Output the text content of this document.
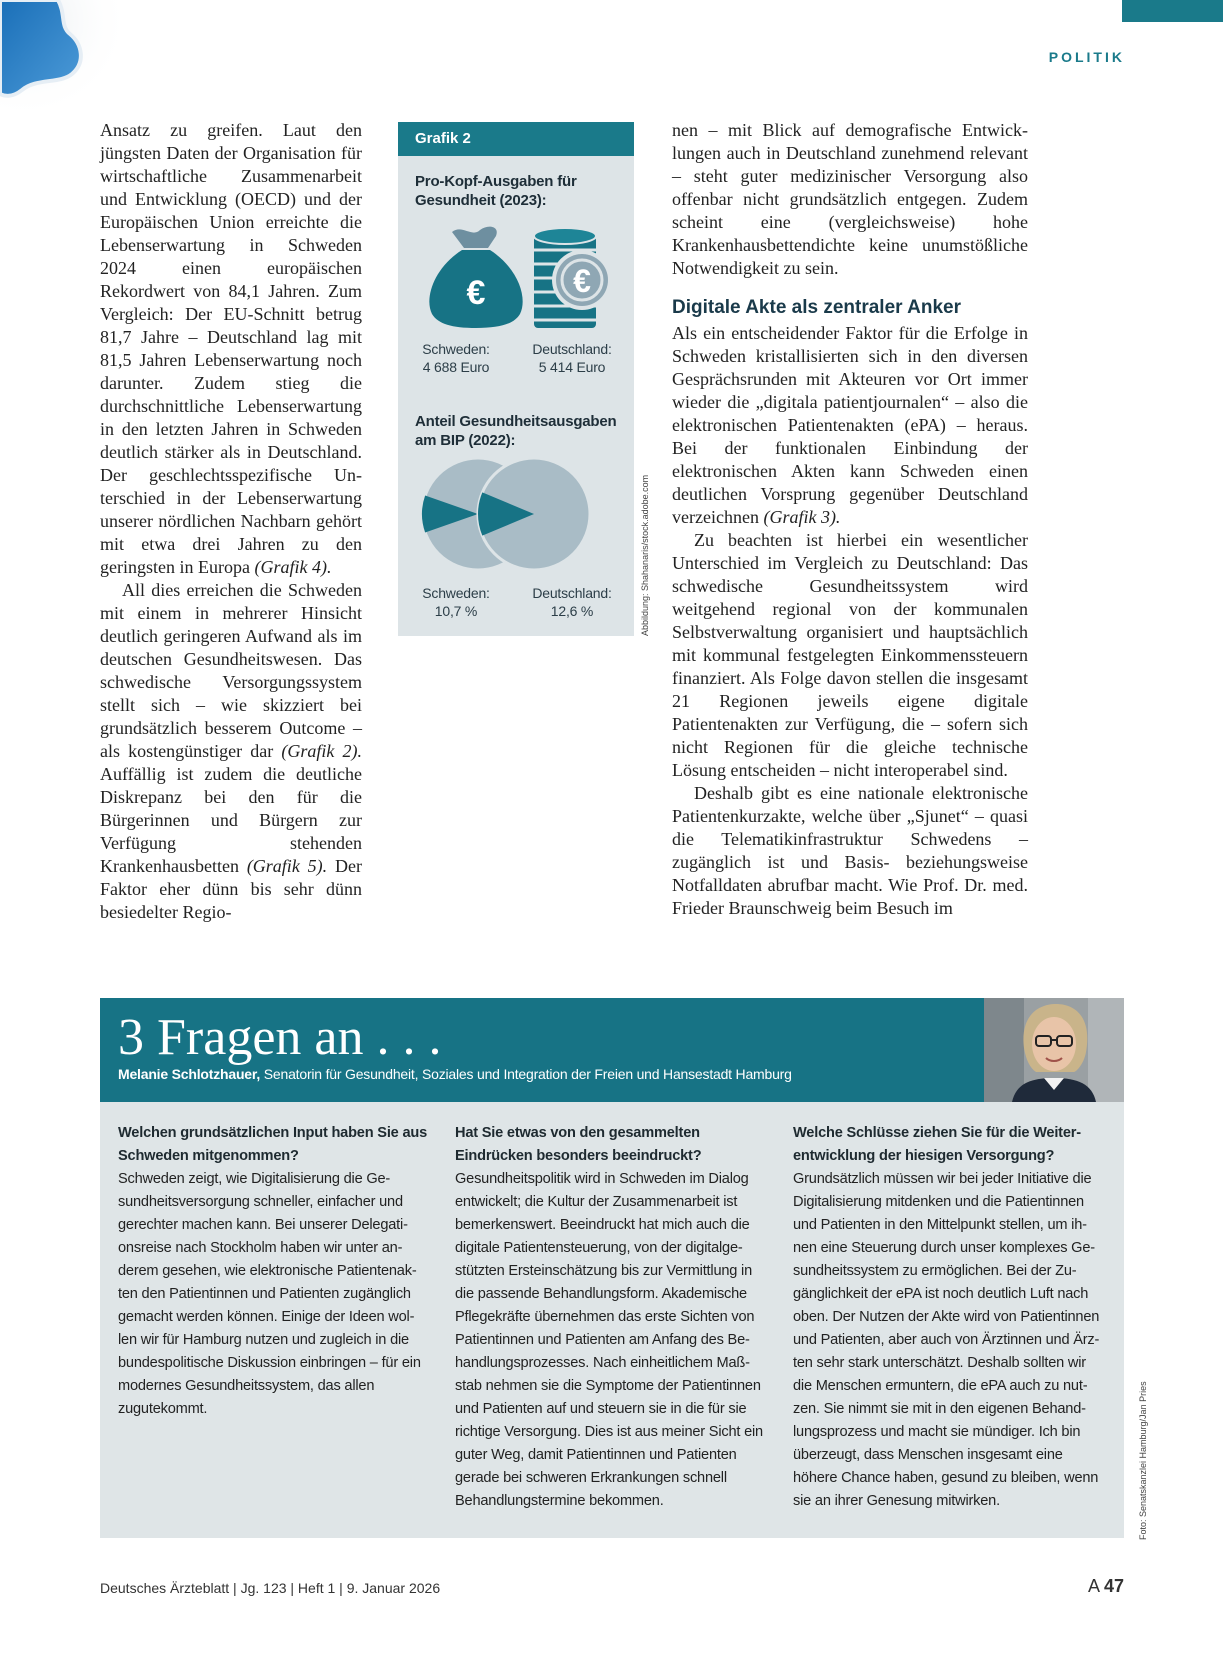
POLITIK

Ansatz zu greifen. Laut den jüngsten Daten der Organisation für wirtschaftliche Zusammenarbeit und Entwicklung (OECD) und der Europäischen Union erreichte die Lebenserwartung in Schweden 2024 einen europäischen Rekordwert von 84,1 Jahren. Zum Vergleich: Der EU-Schnitt betrug 81,7 Jahre – Deutschland lag mit 81,5 Jahren Lebenserwartung noch darunter. Zudem stieg die durchschnittliche Lebenserwartung in den letzten Jahren in Schweden deutlich stärker als in Deutschland. Der geschlechtsspezifische Unterschied in der Lebenserwartung unserer nördlichen Nachbarn gehört mit etwa drei Jahren zu den geringsten in Europa (Grafik 4).

All dies erreichen die Schweden mit einem in mehrerer Hinsicht deutlich geringeren Aufwand als im deutschen Gesundheitswesen. Das schwedische Versorgungssystem stellt sich – wie skizziert bei grundsätzlich besserem Outcome – als kostengünstiger dar (Grafik 2). Auffällig ist zudem die deutliche Diskrepanz bei den für die Bürgerinnen und Bürgern zur Verfügung stehenden Krankenhausbetten (Grafik 5). Der Faktor eher dünn bis sehr dünn besiedelter Regio-

Grafik 2
Pro-Kopf-Ausgaben für Gesundheit (2023):
€	€
Schweden:
4 688 Euro
Deutschland:
5 414 Euro
Anteil Gesundheitsausgaben am BIP (2022):
Schweden:
10,7 %
Deutschland:
12,6 %	Abbildung: Shahanaris/stock.adobe.com

nen – mit Blick auf demografische Entwicklungen auch in Deutschland zunehmend relevant – steht guter medizinischer Versorgung also offenbar nicht grundsätzlich entgegen. Zudem scheint eine (vergleichsweise) hohe Krankenhausbettendichte keine unumstößliche Notwendigkeit zu sein.

Digitale Akte als zentraler Anker

Als ein entscheidender Faktor für die Erfolge in Schweden kristallisierten sich in den diversen Gesprächsrunden mit Akteuren vor Ort immer wieder die „digitala patientjournalen“ – also die elektronischen Patientenakten (ePA) – heraus. Bei der funktionalen Einbindung der elektronischen Akten kann Schweden einen deutlichen Vorsprung gegenüber Deutschland verzeichnen (Grafik 3).

Zu beachten ist hierbei ein wesentlicher Unterschied im Vergleich zu Deutschland: Das schwedische Gesundheitssystem wird weitgehend regional von der kommunalen Selbstverwaltung organisiert und hauptsächlich mit kommunal festgelegten Einkommenssteuern finanziert. Als Folge davon stellen die insgesamt 21 Regionen jeweils eigene digitale Patientenakten zur Verfügung, die – sofern sich nicht Regionen für die gleiche technische Lösung entscheiden – nicht interoperabel sind.

Deshalb gibt es eine nationale elektronische Patientenkurzakte, welche über „Sjunet“ – quasi die Telematikinfrastruktur Schwedens – zugänglich ist und Basis- beziehungsweise Notfalldaten abrufbar macht. Wie Prof. Dr. med. Frieder Braunschweig beim Besuch im

3 Fragen an . . .
Melanie Schlotzhauer, Senatorin für Gesundheit, Soziales und Integration der Freien und Hansestadt Hamburg
Welchen grundsätzlichen Input haben Sie aus Schweden mitgenommen?
Schweden zeigt, wie Digitalisierung die Gesundheitsversorgung schneller, einfacher und gerechter machen kann. Bei unserer Delegationsreise nach Stockholm haben wir unter anderem gesehen, wie elektronische Patientenakten den Patientinnen und Patienten zugänglich gemacht werden können. Einige der Ideen wollen wir für Hamburg nutzen und zugleich in die bundespolitische Diskussion einbringen – für ein modernes Gesundheitssystem, das allen zugutekommt.
Hat Sie etwas von den gesammelten Eindrücken besonders beeindruckt?
Gesundheitspolitik wird in Schweden im Dialog entwickelt; die Kultur der Zusammenarbeit ist bemerkenswert. Beeindruckt hat mich auch die digitale Patientensteuerung, von der digitalgestützten Ersteinschätzung bis zur Vermittlung in die passende Behandlungsform. Akademische Pflegekräfte übernehmen das erste Sichten von Patientinnen und Patienten am Anfang des Behandlungsprozesses. Nach einheitlichem Maßstab nehmen sie die Symptome der Patientinnen und Patienten auf und steuern sie in die für sie richtige Versorgung. Dies ist aus meiner Sicht ein guter Weg, damit Patientinnen und Patienten gerade bei schweren Erkrankungen schnell Behandlungstermine bekommen.
Welche Schlüsse ziehen Sie für die Weiterentwicklung der hiesigen Versorgung?
Grundsätzlich müssen wir bei jeder Initiative die Digitalisierung mitdenken und die Patientinnen und Patienten in den Mittelpunkt stellen, um ihnen eine Steuerung durch unser komplexes Gesundheitssystem zu ermöglichen. Bei der Zugänglichkeit der ePA ist noch deutlich Luft nach oben. Der Nutzen der Akte wird von Patientinnen und Patienten, aber auch von Ärztinnen und Ärzten sehr stark unterschätzt. Deshalb sollten wir die Menschen ermuntern, die ePA auch zu nutzen. Sie nimmt sie mit in den eigenen Behandlungsprozess und macht sie mündiger. Ich bin überzeugt, dass Menschen insgesamt eine höhere Chance haben, gesund zu bleiben, wenn sie an ihrer Genesung mitwirken.	Foto: Senatskanzlei Hamburg/Jan Pries
Deutsches Ärzteblatt | Jg. 123 | Heft 1 | 9. Januar 2026	A 47
